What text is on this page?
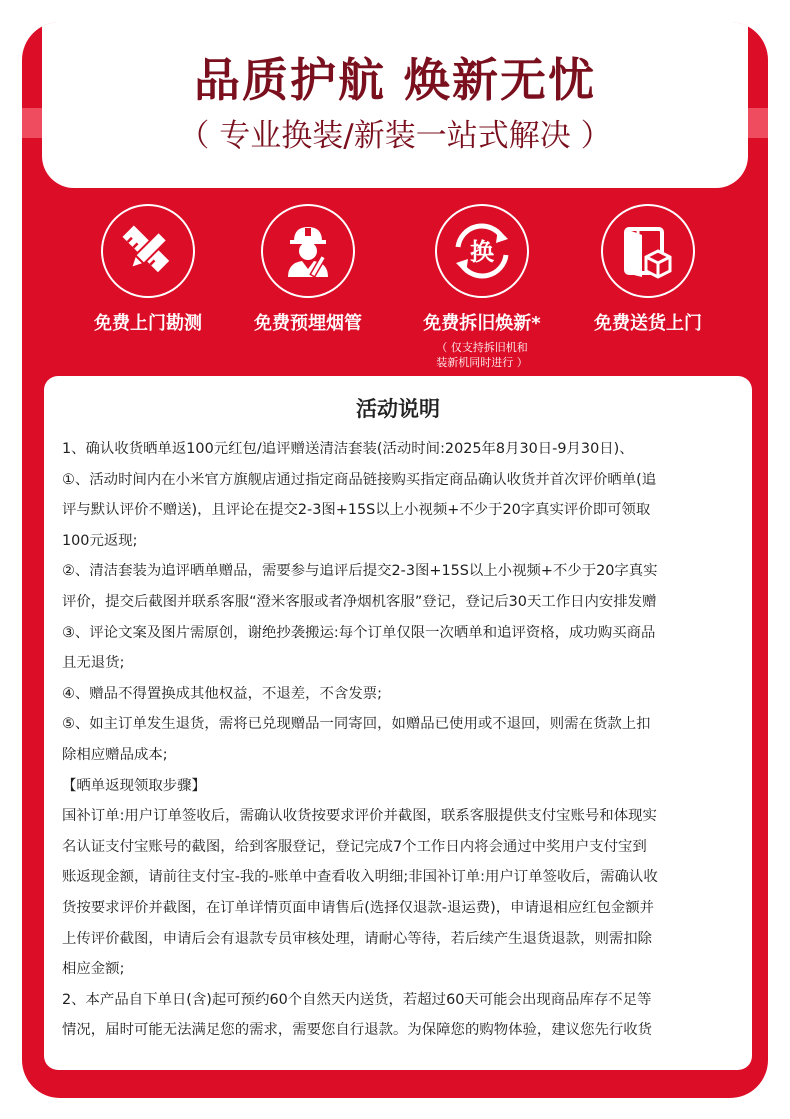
品质护航 焕新无忧
（ 专业换装/新装一站式解决 ）
免费上门勘测	免费预埋烟管
换
免费拆旧焕新*
（ 仅支持拆旧机和
装新机同时进行 ）
免费送货上门
活动说明
1、确认收货晒单返100元红包/追评赠送清洁套装(活动时间:2025年8月30日-9月30日)、
①、活动时间内在小米官方旗舰店通过指定商品链接购买指定商品确认收货并首次评价晒单(追
评与默认评价不赠送)，且评论在提交2-3图+15S以上小视频+不少于20字真实评价即可领取
100元返现;
②、清洁套装为追评晒单赠品，需要参与追评后提交2-3图+15S以上小视频+不少于20字真实
评价，提交后截图并联系客服“澄米客服或者净烟机客服”登记，登记后30天工作日内安排发赠
③、评论文案及图片需原创，谢绝抄袭搬运:每个订单仅限一次晒单和追评资格，成功购买商品
且无退货;
④、赠品不得置换成其他权益，不退差，不含发票;
⑤、如主订单发生退货，需将已兑现赠品一同寄回，如赠品已使用或不退回，则需在货款上扣
除相应赠品成本;
【晒单返现领取步骤】
国补订单:用户订单签收后，需确认收货按要求评价并截图，联系客服提供支付宝账号和体现实
名认证支付宝账号的截图，给到客服登记，登记完成7个工作日内将会通过中奖用户支付宝到
账返现金额，请前往支付宝-我的-账单中查看收入明细;非国补订单:用户订单签收后，需确认收
货按要求评价并截图，在订单详情页面申请售后(选择仅退款-退运费)，申请退相应红包金额并
上传评价截图，申请后会有退款专员审核处理，请耐心等待，若后续产生退货退款，则需扣除
相应金额;
2、本产品自下单日(含)起可预约60个自然天内送货，若超过60天可能会出现商品库存不足等
情况，届时可能无法满足您的需求，需要您自行退款。为保障您的购物体验，建议您先行收货
